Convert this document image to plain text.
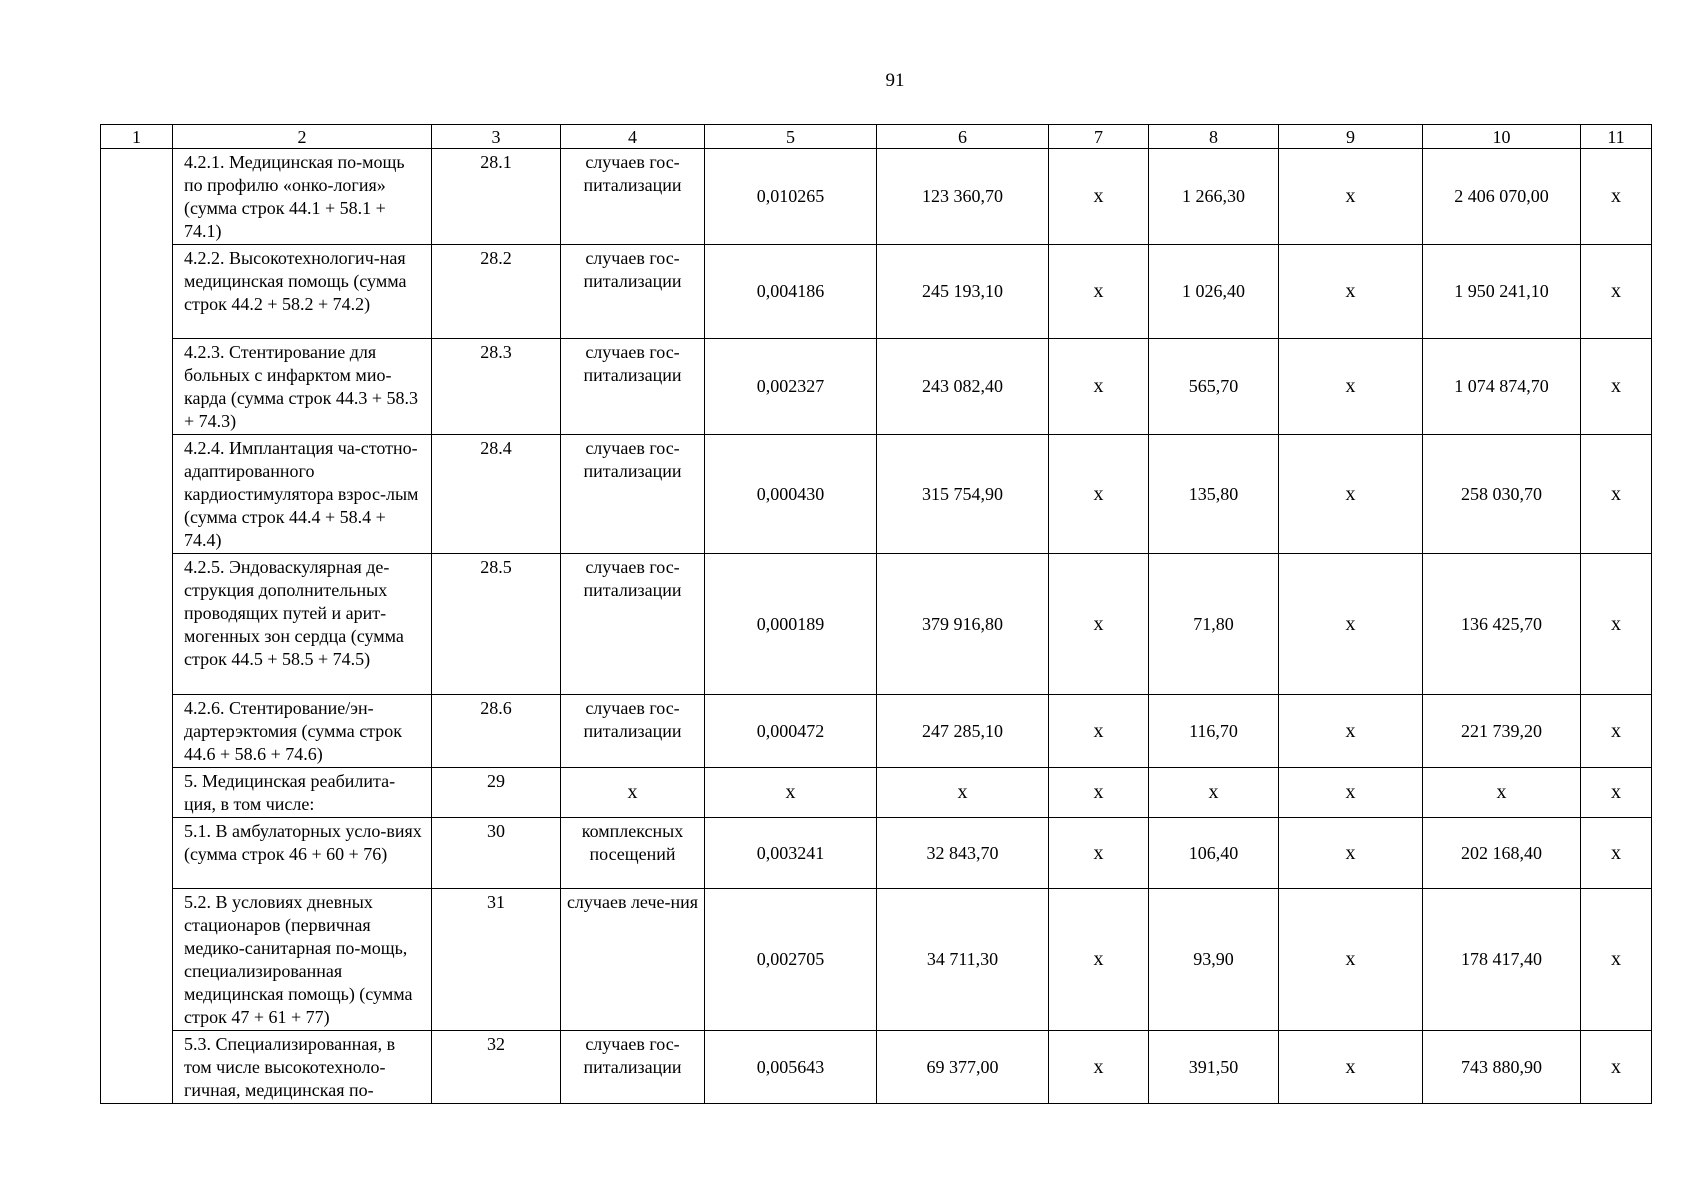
91
1	2	3	4	5	6	7	8	9	10	11
	4.2.1. Медицинская по-мощь по профилю «онко-логия» (сумма строк 44.1 + 58.1 + 74.1)	28.1	случаев гос-питализации	0,010265	123 360,70	х	1 266,30	х	2 406 070,00	х
	4.2.2. Высокотехнологич-ная медицинская помощь (сумма строк 44.2 + 58.2 + 74.2)	28.2	случаев гос-питализации	0,004186	245 193,10	х	1 026,40	х	1 950 241,10	х
	4.2.3. Стентирование для больных с инфарктом мио-карда (сумма строк 44.3 + 58.3 + 74.3)	28.3	случаев гос-питализации	0,002327	243 082,40	х	565,70	х	1 074 874,70	х
	4.2.4. Имплантация ча-стотно-адаптированного кардиостимулятора взрос-лым (сумма строк 44.4 + 58.4 + 74.4)	28.4	случаев гос-питализации	0,000430	315 754,90	х	135,80	х	258 030,70	х
	4.2.5. Эндоваскулярная де-струкция дополнительных проводящих путей и арит-могенных зон сердца (сумма строк 44.5 + 58.5 + 74.5)	28.5	случаев гос-питализации	0,000189	379 916,80	х	71,80	х	136 425,70	х
	4.2.6. Стентирование/эн-дартерэктомия (сумма строк 44.6 + 58.6 + 74.6)	28.6	случаев гос-питализации	0,000472	247 285,10	х	116,70	х	221 739,20	х
	5. Медицинская реабилита-ция, в том числе:	29	х	х	х	х	х	х	х	х
	5.1. В амбулаторных усло-виях (сумма строк 46 + 60 + 76)	30	комплексных посещений	0,003241	32 843,70	х	106,40	х	202 168,40	х
	5.2. В условиях дневных стационаров (первичная медико-санитарная по-мощь, специализированная медицинская помощь) (сумма строк 47 + 61 + 77)	31	случаев лече-ния	0,002705	34 711,30	х	93,90	х	178 417,40	х
	5.3. Специализированная, в том числе высокотехноло-гичная, медицинская по-	32	случаев гос-питализации	0,005643	69 377,00	х	391,50	х	743 880,90	х
